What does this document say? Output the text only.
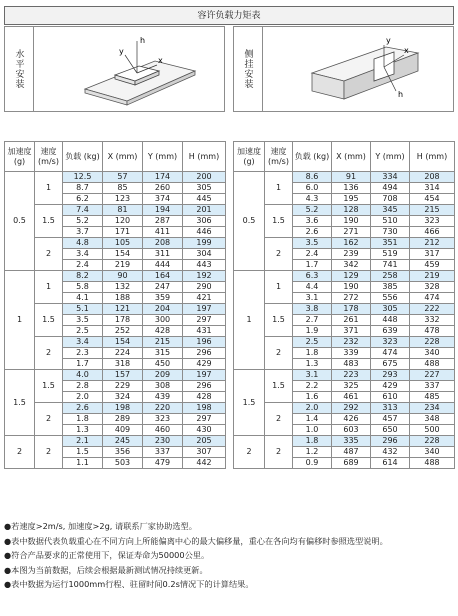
容许负载力矩表
水平安装
h
x
y	侧挂安装	x
y
h
加速度
(g)	速度
(m/s)	负载 (kg)	X (mm)	Y (mm)	H (mm)
0.5	1	12.5	57	174	200
		8.7	85	260	305
		6.2	123	374	445
	1.5	7.4	81	194	201
		5.2	120	287	306
		3.7	171	411	446
	2	4.8	105	208	199
		3.4	154	311	304
		2.4	219	444	443
1	1	8.2	90	164	192
		5.8	132	247	290
		4.1	188	359	421
	1.5	5.1	121	204	197
		3.5	178	300	297
		2.5	252	428	431
	2	3.4	154	215	196
		2.3	224	315	296
		1.7	318	450	429
1.5	1.5	4.0	157	209	197
		2.8	229	308	296
		2.0	324	439	428
	2	2.6	198	220	198
		1.8	289	323	297
		1.3	409	460	430
2	2	2.1	245	230	205
		1.5	356	337	307
		1.1	503	479	442
加速度
(g)	速度
(m/s)	负载 (kg)	X (mm)	Y (mm)	H (mm)
0.5	1	8.6	91	334	208
		6.0	136	494	314
		4.3	195	708	454
	1.5	5.2	128	345	215
		3.6	190	510	323
		2.6	271	730	466
	2	3.5	162	351	212
		2.4	239	519	317
		1.7	342	741	459
1	1	6.3	129	258	219
		4.4	190	385	328
		3.1	272	556	474
	1.5	3.8	178	305	222
		2.7	261	448	332
		1.9	371	639	478
	2	2.5	232	323	228
		1.8	339	474	340
		1.3	483	675	488
1.5	1.5	3.1	223	293	227
		2.2	325	429	337
		1.6	461	610	485
	2	2.0	292	313	234
		1.4	426	457	348
		1.0	603	650	500
2	2	1.8	335	296	228
		1.2	487	432	340
		0.9	689	614	488
●若速度>2m/s, 加速度>2g, 请联系厂家协助选型。
●表中数据代表负载重心在不同方向上所能偏离中心的最大偏移量，重心在各向均有偏移时参照选型说明。
●符合产品要求的正常使用下，保证寿命为50000公里。
●本图为当前数据，后续会根据最新测试情况持续更新。
●表中数据为运行1000mm行程、驻留时间0.2s情况下的计算结果。
